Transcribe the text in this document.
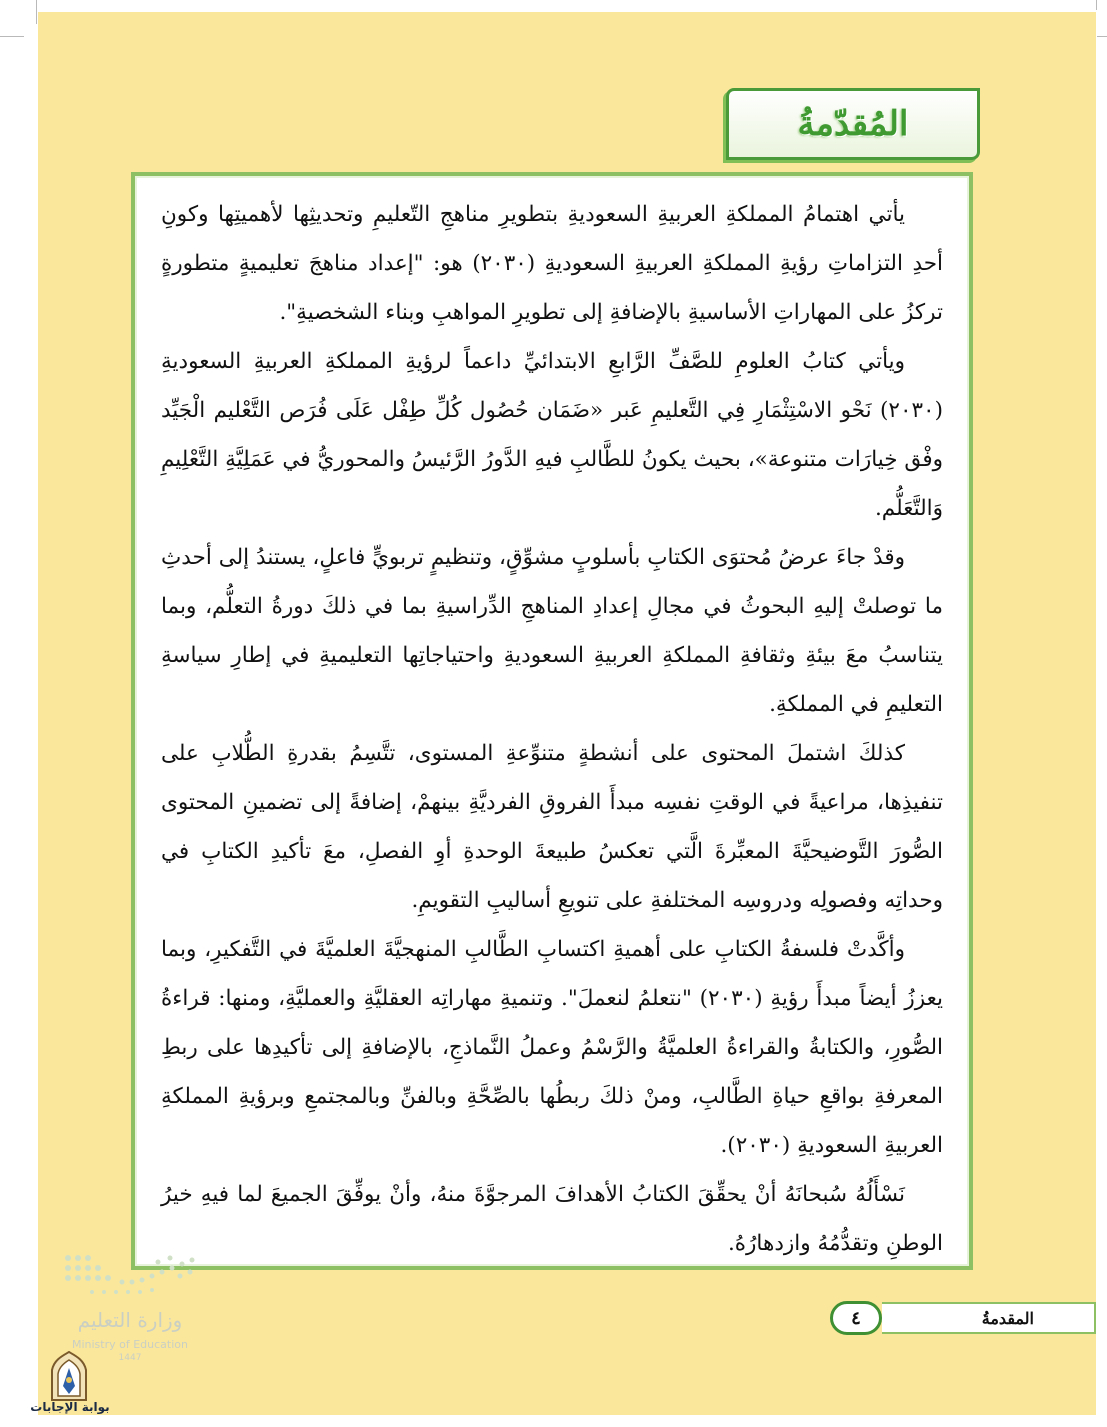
المُقدّمةُ

يأتي اهتمامُ المملكةِ العربيةِ السعوديةِ بتطويرِ مناهجِ التّعليمِ وتحديثِها لأهميتِها وكونِ أحدِ التزاماتِ رؤيةِ المملكةِ العربيةِ السعوديةِ (٢٠٣٠) هو: "إعداد مناهجَ تعليميةٍ متطورةٍ تركزُ على المهاراتِ الأساسيةِ بالإضافةِ إلى تطويرِ المواهبِ وبناء الشخصيةِ".

ويأتي كتابُ العلومِ للصَّفِّ الرَّابعِ الابتدائيِّ داعماً لرؤيةِ المملكةِ العربيةِ السعوديةِ (٢٠٣٠) نَحْو الاسْتِثْمَارِ فِي التَّعليمِ عَبر «ضَمَان حُصُول كُلِّ طِفْل عَلَى فُرَص التَّعْليم الْجَيِّد وفْق خِيارَات متنوعة»، بحيث يكونُ للطَّالبِ فيهِ الدَّورُ الرَّئيسُ والمحوريُّ في عَمَلِيَّةِ التَّعْلِيمِ وَالتَّعَلُّم.

وقدْ جاءَ عرضُ مُحتوَى الكتابِ بأسلوبٍ مشوِّقٍ، وتنظيمٍ تربويٍّ فاعلٍ، يستندُ إلى أحدثِ ما توصلتْ إليهِ البحوثُ في مجالِ إعدادِ المناهجِ الدِّراسيةِ بما في ذلكَ دورةُ التعلُّم، وبما يتناسبُ معَ بيئةِ وثقافةِ المملكةِ العربيةِ السعوديةِ واحتياجاتِها التعليميةِ في إطارِ سياسةِ التعليمِ في المملكةِ.

كذلكَ اشتملَ المحتوى على أنشطةٍ متنوِّعةِ المستوى، تتَّسِمُ بقدرةِ الطُّلابِ على تنفيذِها، مراعيةً في الوقتِ نفسِه مبدأَ الفروقِ الفرديَّةِ بينهمْ، إضافةً إلى تضمينِ المحتوى الصُّورَ التَّوضيحيَّةَ المعبِّرةَ الَّتي تعكسُ طبيعةَ الوحدةِ أوِ الفصلِ، معَ تأكيدِ الكتابِ في وحداتِه وفصولِه ودروسِه المختلفةِ على تنويعِ أساليبِ التقويمِ.

وأكَّدتْ فلسفةُ الكتابِ على أهميةِ اكتسابِ الطَّالبِ المنهجيَّةَ العلميَّةَ في التَّفكيرِ، وبما يعززُ أيضاً مبدأَ رؤيةِ (٢٠٣٠) "نتعلمُ لنعملَ". وتنميةِ مهاراتِه العقليَّةِ والعمليَّةِ، ومنها: قراءةُ الصُّورِ، والكتابةُ والقراءةُ العلميَّةُ والرَّسْمُ وعملُ النَّماذجِ، بالإضافةِ إلى تأكيدِها على ربطِ المعرفةِ بواقعِ حياةِ الطَّالبِ، ومنْ ذلكَ ربطُها بالصِّحَّةِ وبالفنِّ وبالمجتمعِ وبرؤيةِ المملكةِ العربيةِ السعوديةِ (٢٠٣٠).

نَسْأَلُهُ سُبحانَهُ أنْ يحقِّقَ الكتابُ الأهدافَ المرجوَّةَ منهُ، وأنْ يوفِّقَ الجميعَ لما فيهِ خيرُ الوطنِ وتقدُّمُهُ وازدهارُهُ.

المقدمةُ
٤
وزارة التعليم
Ministry of Education
1447
بوابة الإجابات
